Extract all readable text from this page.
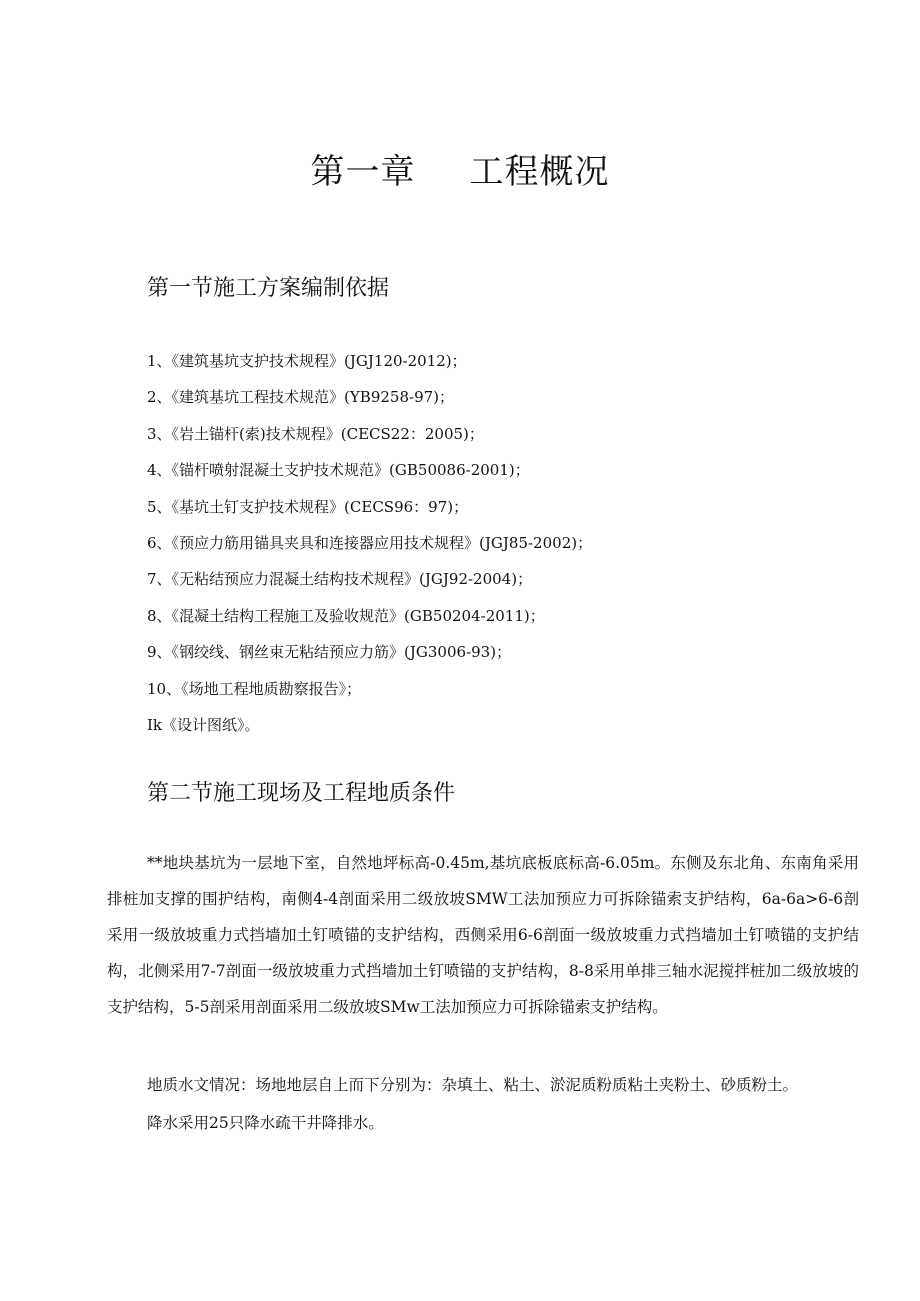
第一章 工程概况
第一节施工方案编制依据
1、《建筑基坑支护技术规程》(JGJ120-2012)；
2、《建筑基坑工程技术规范》(YB9258-97)；
3、《岩土锚杆(索)技术规程》(CECS22：2005)；
4、《锚杆喷射混凝土支护技术规范》(GB50086-2001)；
5、《基坑土钉支护技术规程》(CECS96：97)；
6、《预应力筋用锚具夹具和连接器应用技术规程》(JGJ85-2002)；
7、《无粘结预应力混凝土结构技术规程》(JGJ92-2004)；
8、《混凝土结构工程施工及验收规范》(GB50204-2011)；
9、《钢绞线、钢丝束无粘结预应力筋》(JG3006-93)；
10、《场地工程地质勘察报告》；
Ik《设计图纸》。
第二节施工现场及工程地质条件

**地块基坑为一层地下室，自然地坪标高-0.45m,基坑底板底标高-6.05m。东侧及东北角、东南角采用排桩加支撑的围护结构，南侧4-4剖面采用二级放坡SMW工法加预应力可拆除锚索支护结构，6a-6a>6-6剖采用一级放坡重力式挡墙加土钉喷锚的支护结构，西侧采用6-6剖面一级放坡重力式挡墙加土钉喷锚的支护结构，北侧采用7-7剖面一级放坡重力式挡墙加土钉喷锚的支护结构，8-8采用单排三轴水泥搅拌桩加二级放坡的支护结构，5-5剖采用剖面采用二级放坡SMw工法加预应力可拆除锚索支护结构。

地质水文情况：场地地层自上而下分别为：杂填土、粘土、淤泥质粉质粘土夹粉土、砂质粉土。

降水采用25只降水疏干井降排水。
